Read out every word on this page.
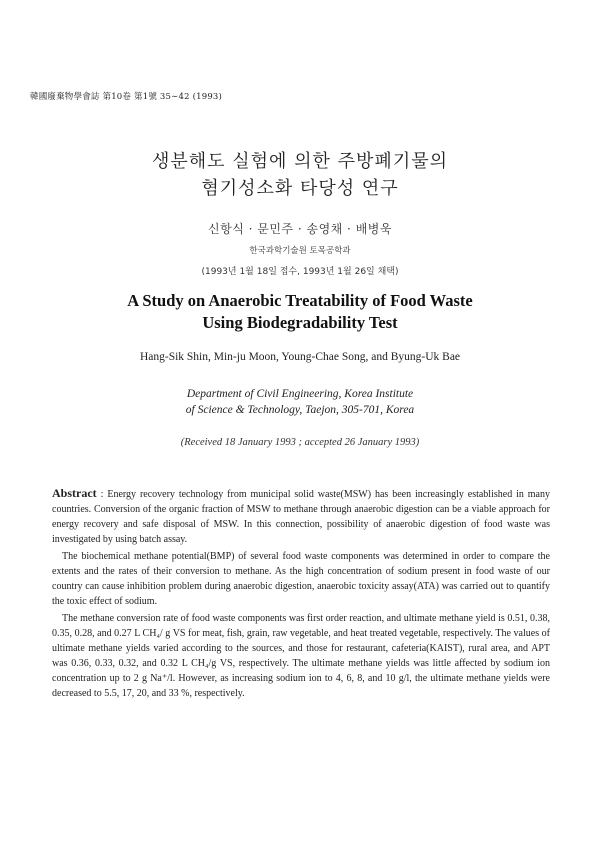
韓國廢棄物學會誌 第10卷 第1號 35∼42 (1993)
생분해도 실험에 의한 주방폐기물의
혐기성소화 타당성 연구
신항식 · 문민주 · 송영채 · 배병욱
한국과학기술원 토목공학과
(1993년 1월 18일 접수, 1993년 1월 26일 채택)
A Study on Anaerobic Treatability of Food Waste
Using Biodegradability Test
Hang-Sik Shin, Min-ju Moon, Young-Chae Song, and Byung-Uk Bae
Department of Civil Engineering, Korea Institute
of Science & Technology, Taejon, 305-701, Korea
(Received 18 January 1993 ; accepted 26 January 1993)

Abstract : Energy recovery technology from municipal solid waste(MSW) has been increasingly established in many countries. Conversion of the organic fraction of MSW to methane through anaerobic digestion can be a viable approach for energy recovery and safe disposal of MSW. In this connection, possibility of anaerobic digestion of food waste was investigated by using batch assay.

The biochemical methane potential(BMP) of several food waste components was determined in order to compare the extents and the rates of their conversion to methane. As the high concentration of sodium present in food waste of our country can cause inhibition problem during anaerobic digestion, anaerobic toxicity assay(ATA) was carried out to quantify the toxic effect of sodium.

The methane conversion rate of food waste components was first order reaction, and ultimate methane yield is 0.51, 0.38, 0.35, 0.28, and 0.27 L CH₄/ g VS for meat, fish, grain, raw vegetable, and heat treated vegetable, respectively. The values of ultimate methane yields varied according to the sources, and those for restaurant, cafeteria(KAIST), rural area, and APT was 0.36, 0.33, 0.32, and 0.32 L CH₄/g VS, respectively. The ultimate methane yields was little affected by sodium ion concentration up to 2 g Na⁺/l. However, as increasing sodium ion to 4, 6, 8, and 10 g/l, the ultimate methane yields were decreased to 5.5, 17, 20, and 33 %, respectively.
